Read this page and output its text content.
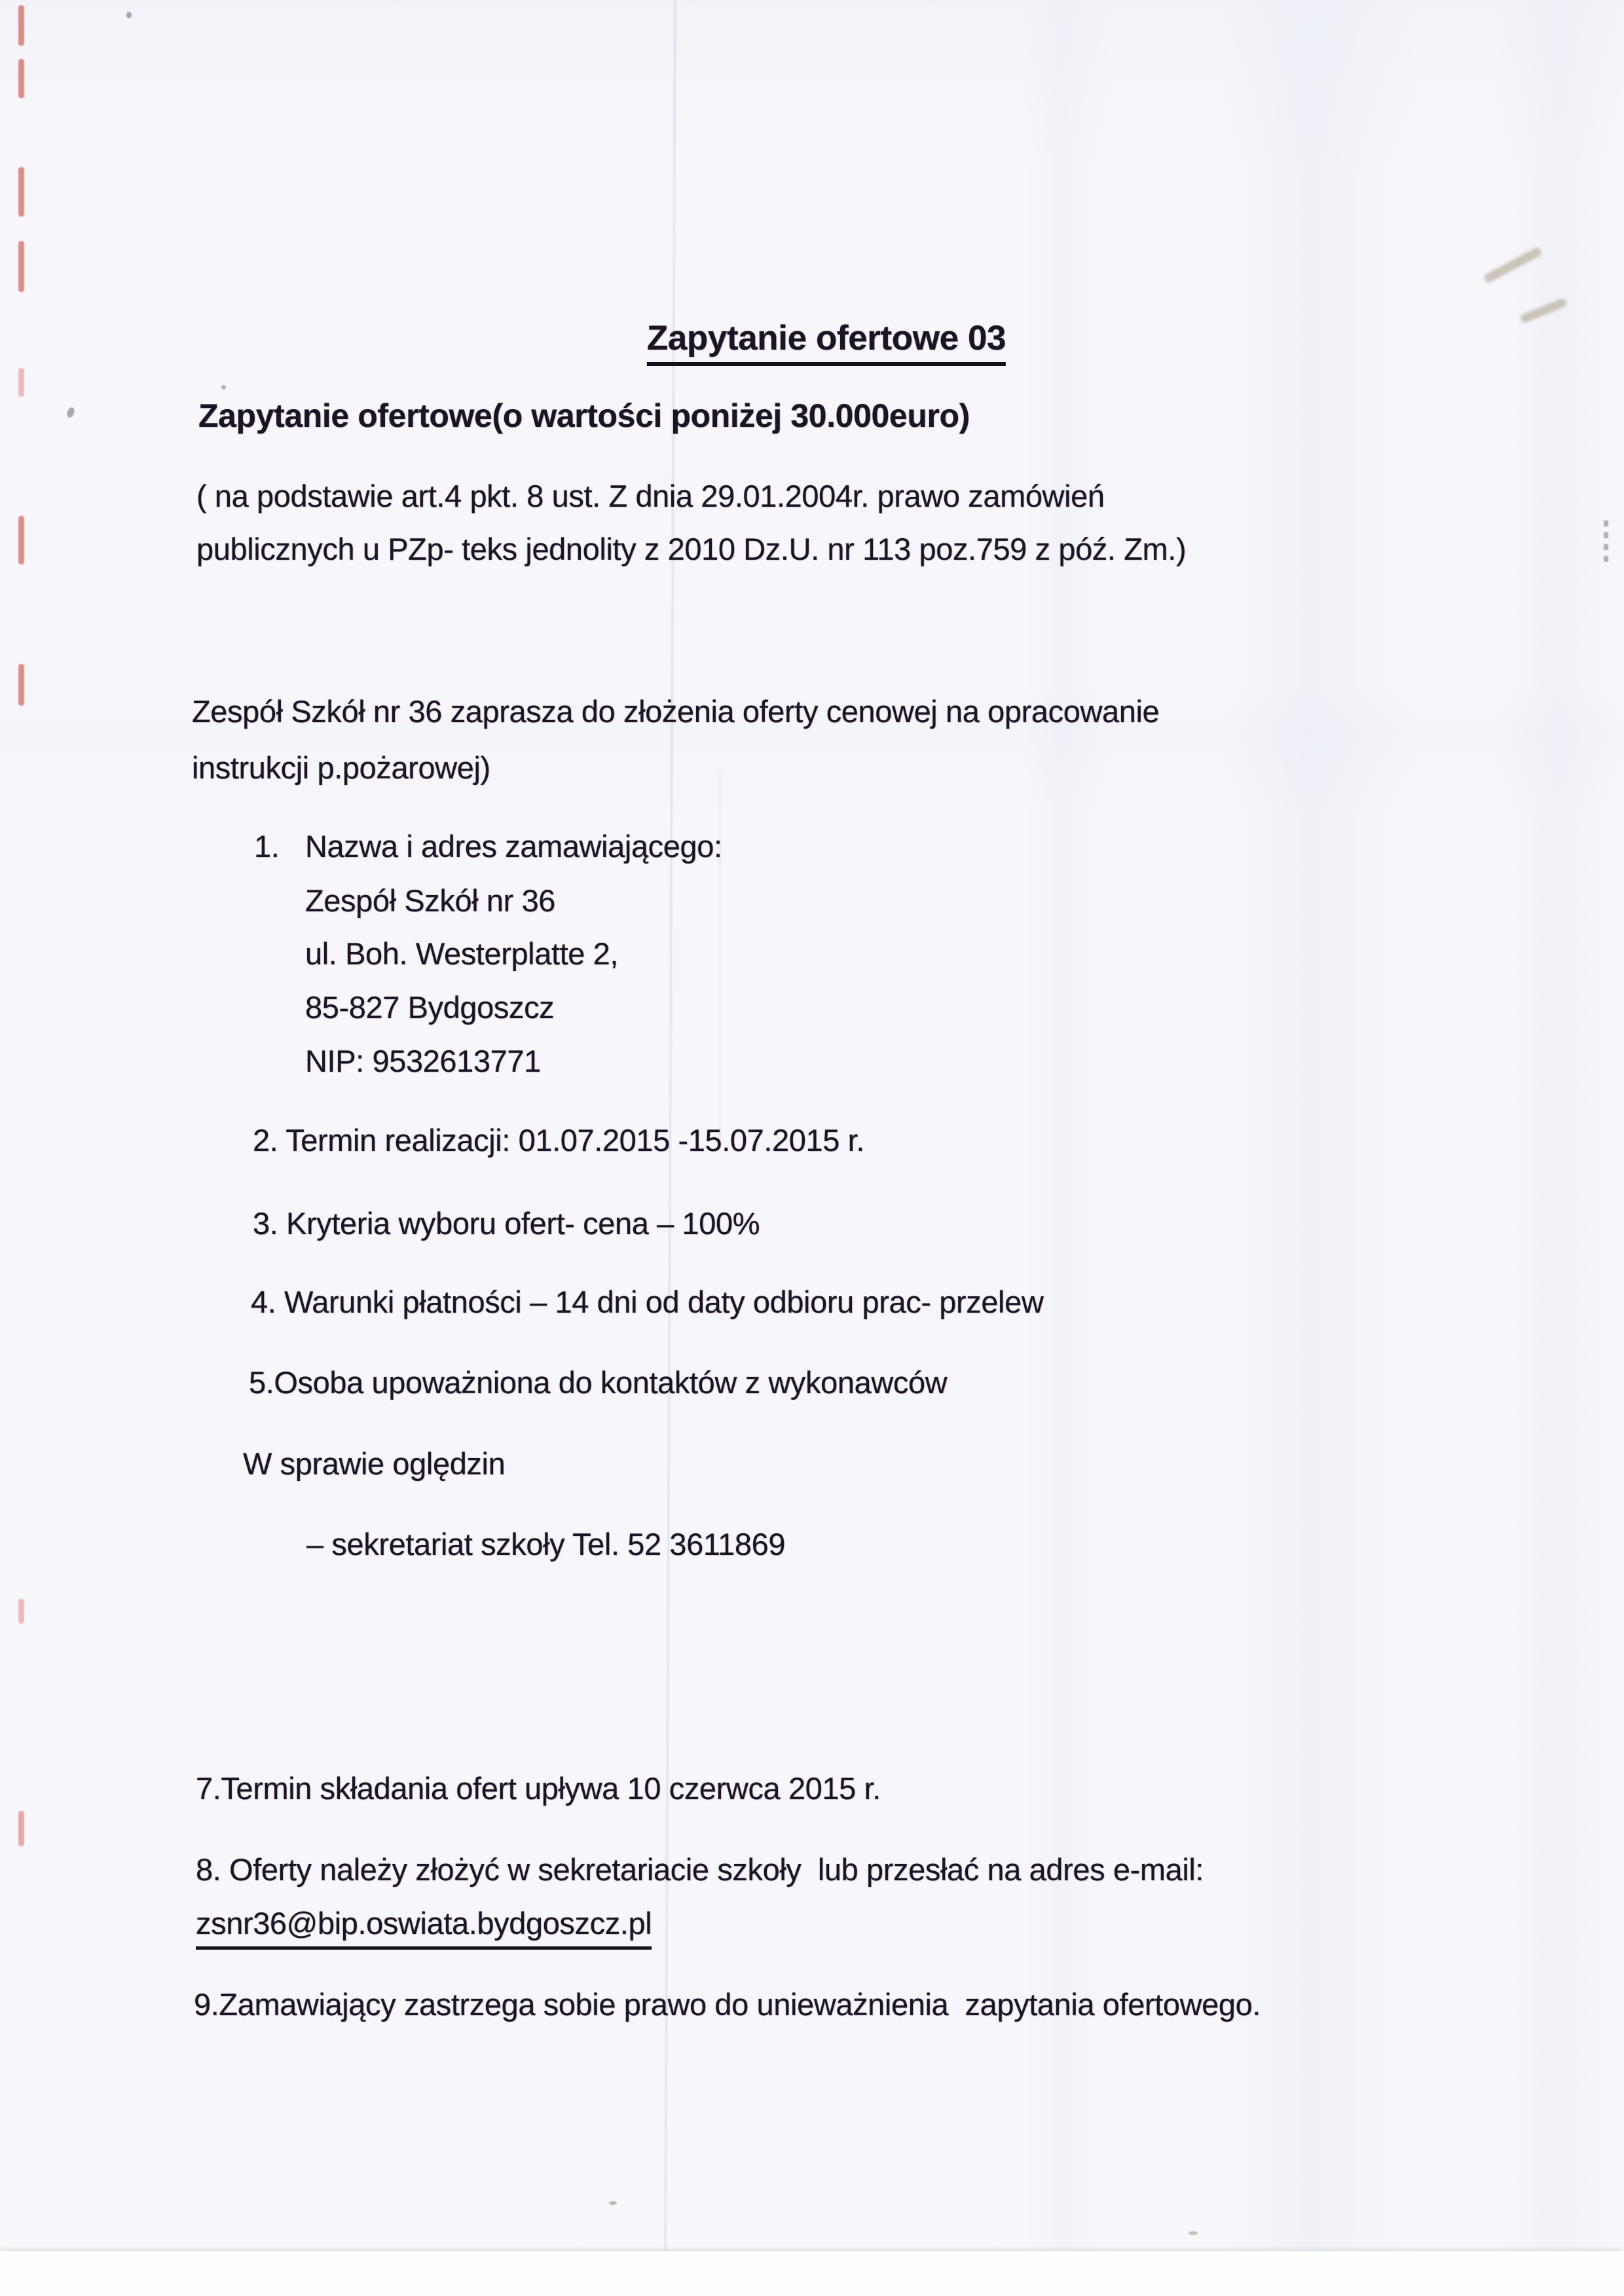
Zapytanie ofertowe 03
Zapytanie ofertowe(o wartości poniżej 30.000euro)
( na podstawie art.4 pkt. 8 ust. Z dnia 29.01.2004r. prawo zamówień
publicznych u PZp- teks jednolity z 2010 Dz.U. nr 113 poz.759 z póź. Zm.)
Zespół Szkół nr 36 zaprasza do złożenia oferty cenowej na opracowanie
instrukcji p.pożarowej)
1. Nazwa i adres zamawiającego:
Zespół Szkół nr 36
ul. Boh. Westerplatte 2,
85-827 Bydgoszcz
NIP: 9532613771
2. Termin realizacji: 01.07.2015 -15.07.2015 r.
3. Kryteria wyboru ofert- cena – 100%
4. Warunki płatności – 14 dni od daty odbioru prac- przelew
5.Osoba upoważniona do kontaktów z wykonawców
W sprawie oględzin
– sekretariat szkoły Tel. 52 3611869
7.Termin składania ofert upływa 10 czerwca 2015 r.
8. Oferty należy złożyć w sekretariacie szkoły  lub przesłać na adres e-mail:
zsnr36@bip.oswiata.bydgoszcz.pl
9.Zamawiający zastrzega sobie prawo do unieważnienia  zapytania ofertowego.
